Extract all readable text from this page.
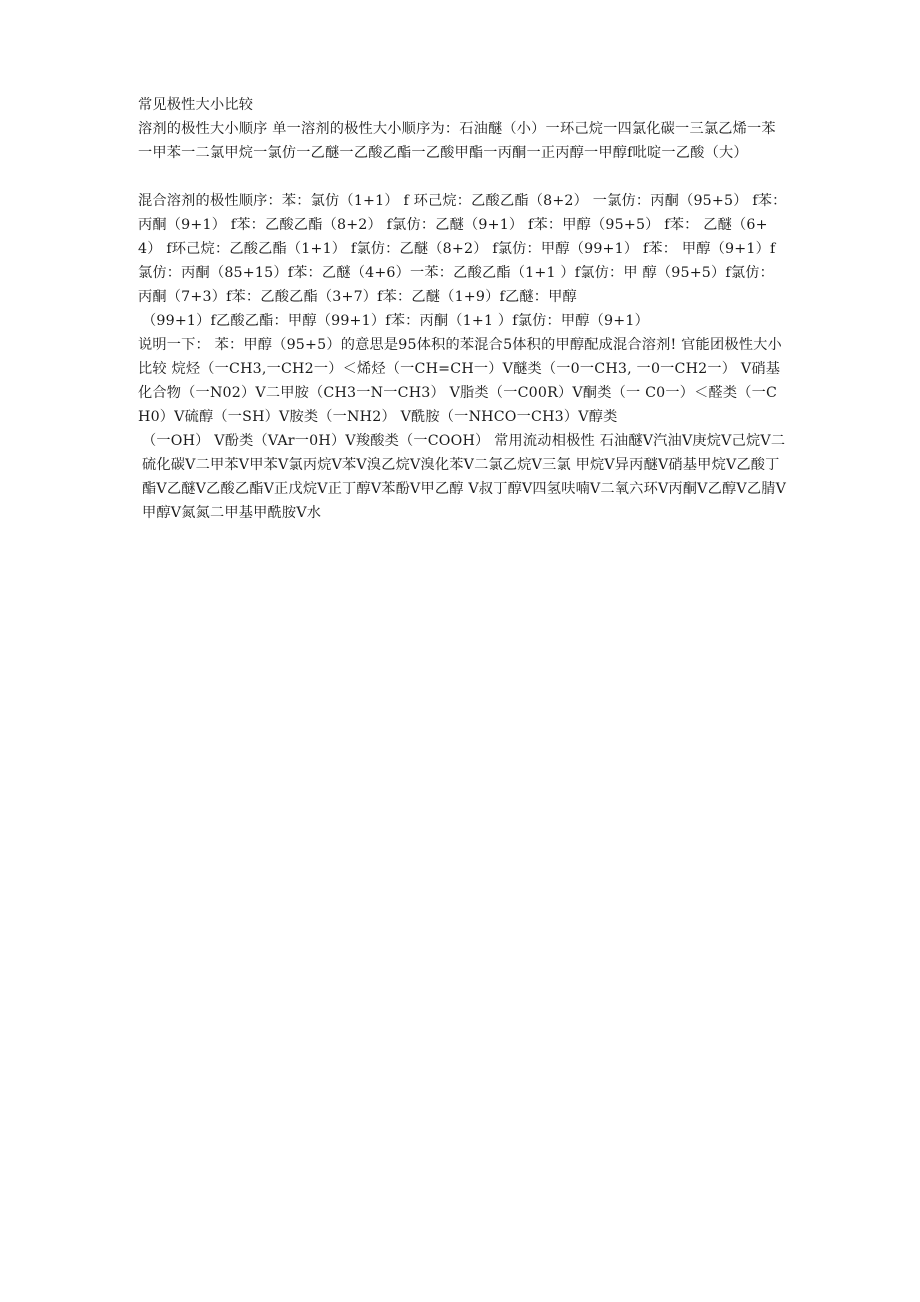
常见极性大小比较

溶剂的极性大小顺序 单一溶剂的极性大小顺序为：石油醚（小）一环己烷一四氯化碳一三氯乙烯一苯一甲苯一二氯甲烷一氯仿一乙醚一乙酸乙酯一乙酸甲酯一丙酮一正丙醇一甲醇f吡啶一乙酸（大）

混合溶剂的极性顺序：苯：氯仿（1+1） f 环己烷：乙酸乙酯（8+2） 一氯仿：丙酮（95+5） f苯：丙酮（9+1） f苯：乙酸乙酯（8+2） f氯仿：乙醚（9+1） f苯：甲醇（95+5） f苯： 乙醚（6+4） f环己烷：乙酸乙酯（1+1） f氯仿：乙醚（8+2） f氯仿：甲醇（99+1） f苯： 甲醇（9+1）f氯仿：丙酮（85+15）f苯：乙醚（4+6）一苯：乙酸乙酯（1+1 ）f氯仿：甲 醇（95+5）f氯仿：丙酮（7+3）f苯：乙酸乙酯（3+7）f苯：乙醚（1+9）f乙醚：甲醇

（99+1）f乙酸乙酯：甲醇（99+1）f苯：丙酮（1+1 ）f氯仿：甲醇（9+1）

说明一下： 苯：甲醇（95+5）的意思是95体积的苯混合5体积的甲醇配成混合溶剂! 官能团极性大小比较 烷烃（一CH3,一CH2一）＜烯烃（一CH=CH一）V醚类（一0一CH3, 一0一CH2一） V硝基化合物（一N02）V二甲胺（CH3一N一CH3） V脂类（一C00R）V酮类（一 C0一）＜醛类（一CH0）V硫醇（一SH）V胺类（一NH2） V酰胺（一NHCO一CH3）V醇类

（一OH） V酚类（VAr一0H）V羧酸类（一COOH） 常用流动相极性 石油醚V汽油V庚烷V己烷V二硫化碳V二甲苯V甲苯V氯丙烷V苯V溴乙烷V溴化苯V二氯乙烷V三氯 甲烷V异丙醚V硝基甲烷V乙酸丁酯V乙醚V乙酸乙酯V正戊烷V正丁醇V苯酚V甲乙醇 V叔丁醇V四氢呋喃V二氧六环V丙酮V乙醇V乙腈V甲醇V氮氮二甲基甲酰胺V水
